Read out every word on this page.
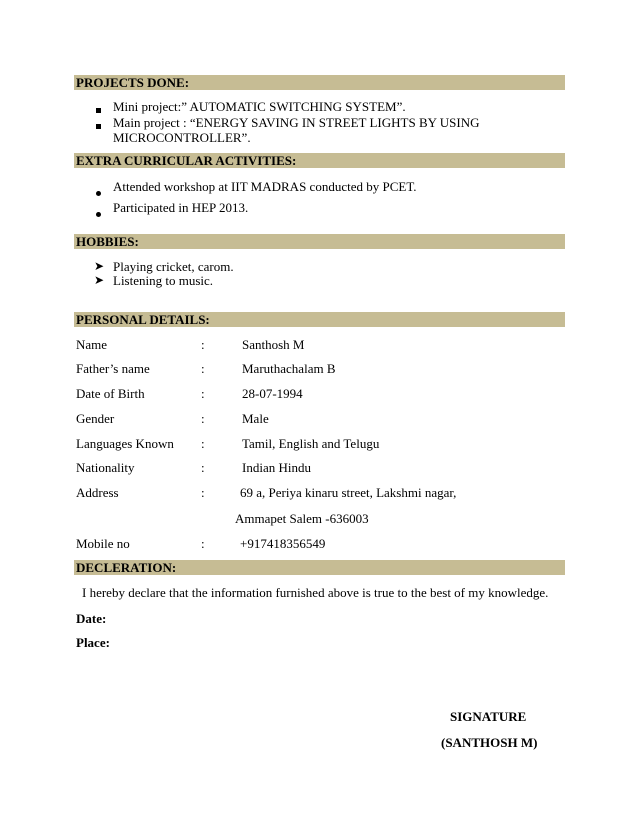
PROJECTS DONE:
Mini project:” AUTOMATIC SWITCHING SYSTEM”.
Main project : “ENERGY SAVING IN STREET LIGHTS BY USING
MICROCONTROLLER”.
EXTRA CURRICULAR ACTIVITIES:
Attended workshop at IIT MADRAS conducted by PCET.
Participated in HEP 2013.
HOBBIES:
➤ Playing cricket, carom.
➤ Listening to music.
PERSONAL DETAILS:
Name	:	Santhosh M
Father’s name	:	Maruthachalam B
Date of Birth	:	28-07-1994
Gender	:	Male
Languages Known :	Tamil, English and Telugu
Nationality	:	Indian Hindu
Address	:	69 a, Periya kinaru street, Lakshmi nagar,
Ammapet Salem -636003
Mobile no	:	+917418356549
DECLERATION:
I hereby declare that the information furnished above is true to the best of my knowledge.
Date:
Place:
SIGNATURE
(SANTHOSH M)
